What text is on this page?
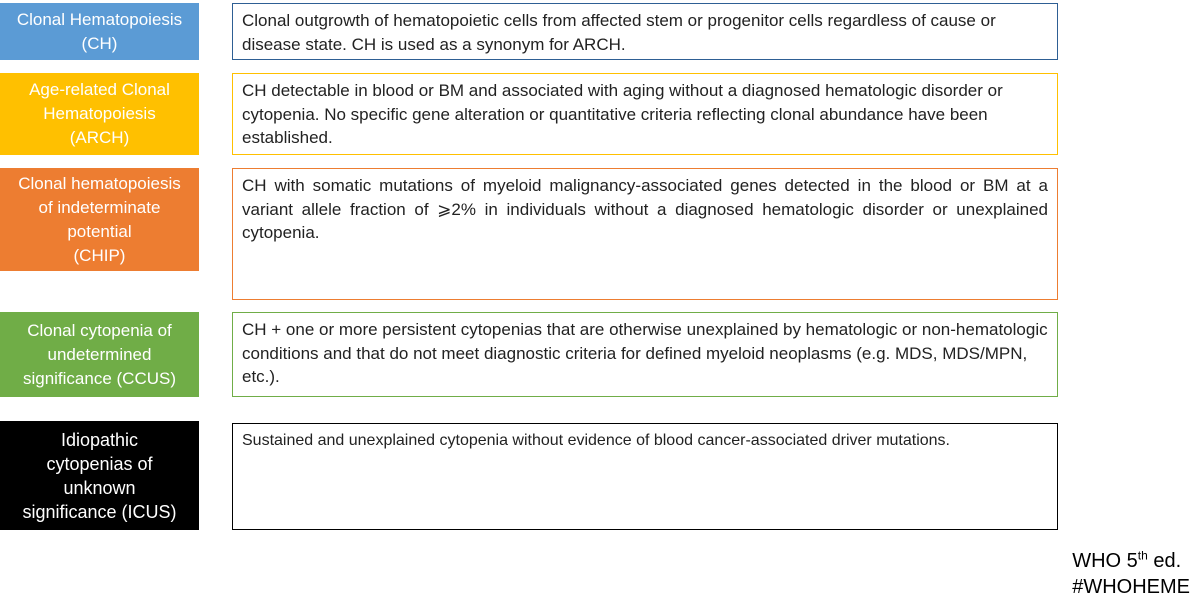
Clonal Hematopoiesis
(CH)
Clonal outgrowth of hematopoietic cells from affected stem or progenitor cells regardless of cause or disease state. CH is used as a synonym for ARCH.
Age-related Clonal
Hematopoiesis
(ARCH)
CH detectable in blood or BM and associated with aging without a diagnosed hematologic disorder or cytopenia. No specific gene alteration or quantitative criteria reflecting clonal abundance have been established.
Clonal hematopoiesis
of indeterminate
potential
(CHIP)
CH with somatic mutations of myeloid malignancy-associated genes detected in the blood or BM at a variant allele fraction of ⩾2% in individuals without a diagnosed hematologic disorder or unexplained cytopenia.
Clonal cytopenia of
undetermined
significance (CCUS)
CH + one or more persistent cytopenias that are otherwise unexplained by hematologic or non-hematologic conditions and that do not meet diagnostic criteria for defined myeloid neoplasms (e.g. MDS, MDS/MPN, etc.).
Idiopathic
cytopenias of
unknown
significance (ICUS)
Sustained and unexplained cytopenia without evidence of blood cancer-associated driver mutations.
WHO 5th ed.
#WHOHEME
